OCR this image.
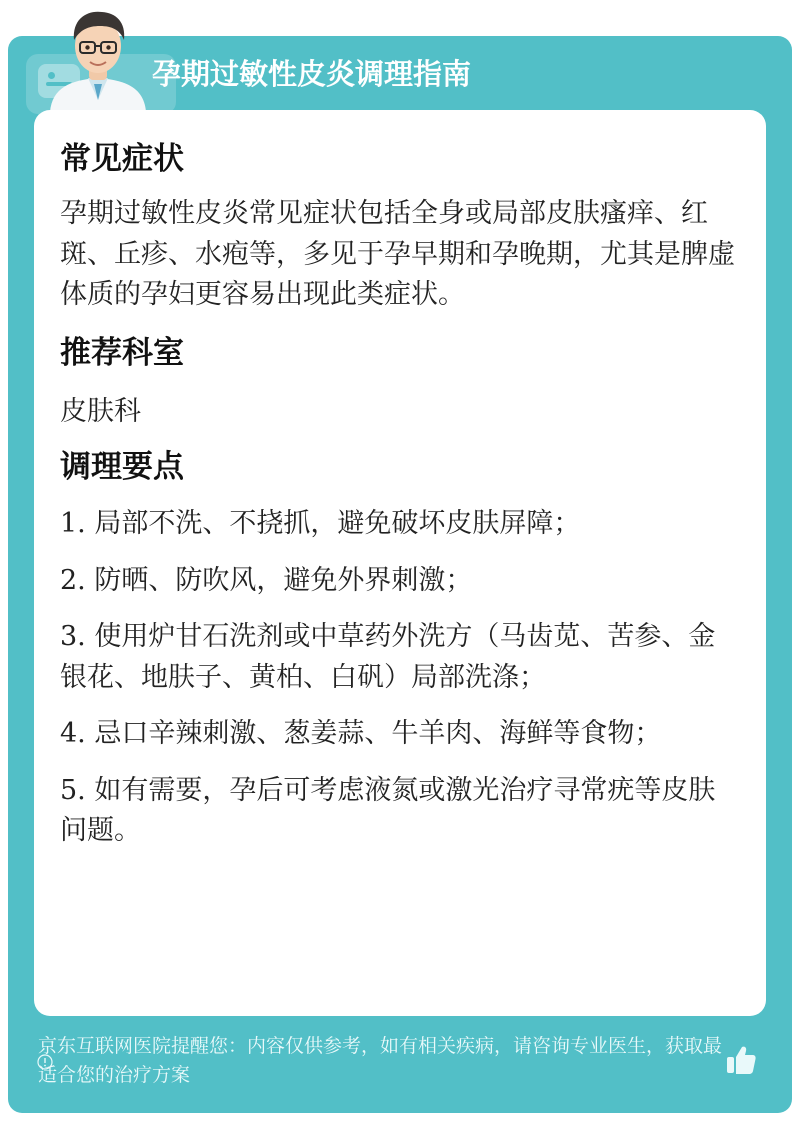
孕期过敏性皮炎调理指南
常见症状

孕期过敏性皮炎常见症状包括全身或局部皮肤瘙痒、红斑、丘疹、水疱等，多见于孕早期和孕晚期，尤其是脾虚体质的孕妇更容易出现此类症状。

推荐科室

皮肤科

调理要点
1. 局部不洗、不挠抓，避免破坏皮肤屏障；
2. 防晒、防吹风，避免外界刺激；
3. 使用炉甘石洗剂或中草药外洗方（马齿苋、苦参、金银花、地肤子、黄柏、白矾）局部洗涤；
4. 忌口辛辣刺激、葱姜蒜、牛羊肉、海鲜等食物；
5. 如有需要，孕后可考虑液氮或激光治疗寻常疣等皮肤问题。
京东互联网医院提醒您：内容仅供参考，如有相关疾病，请咨询专业医生，获取最适合您的治疗方案
